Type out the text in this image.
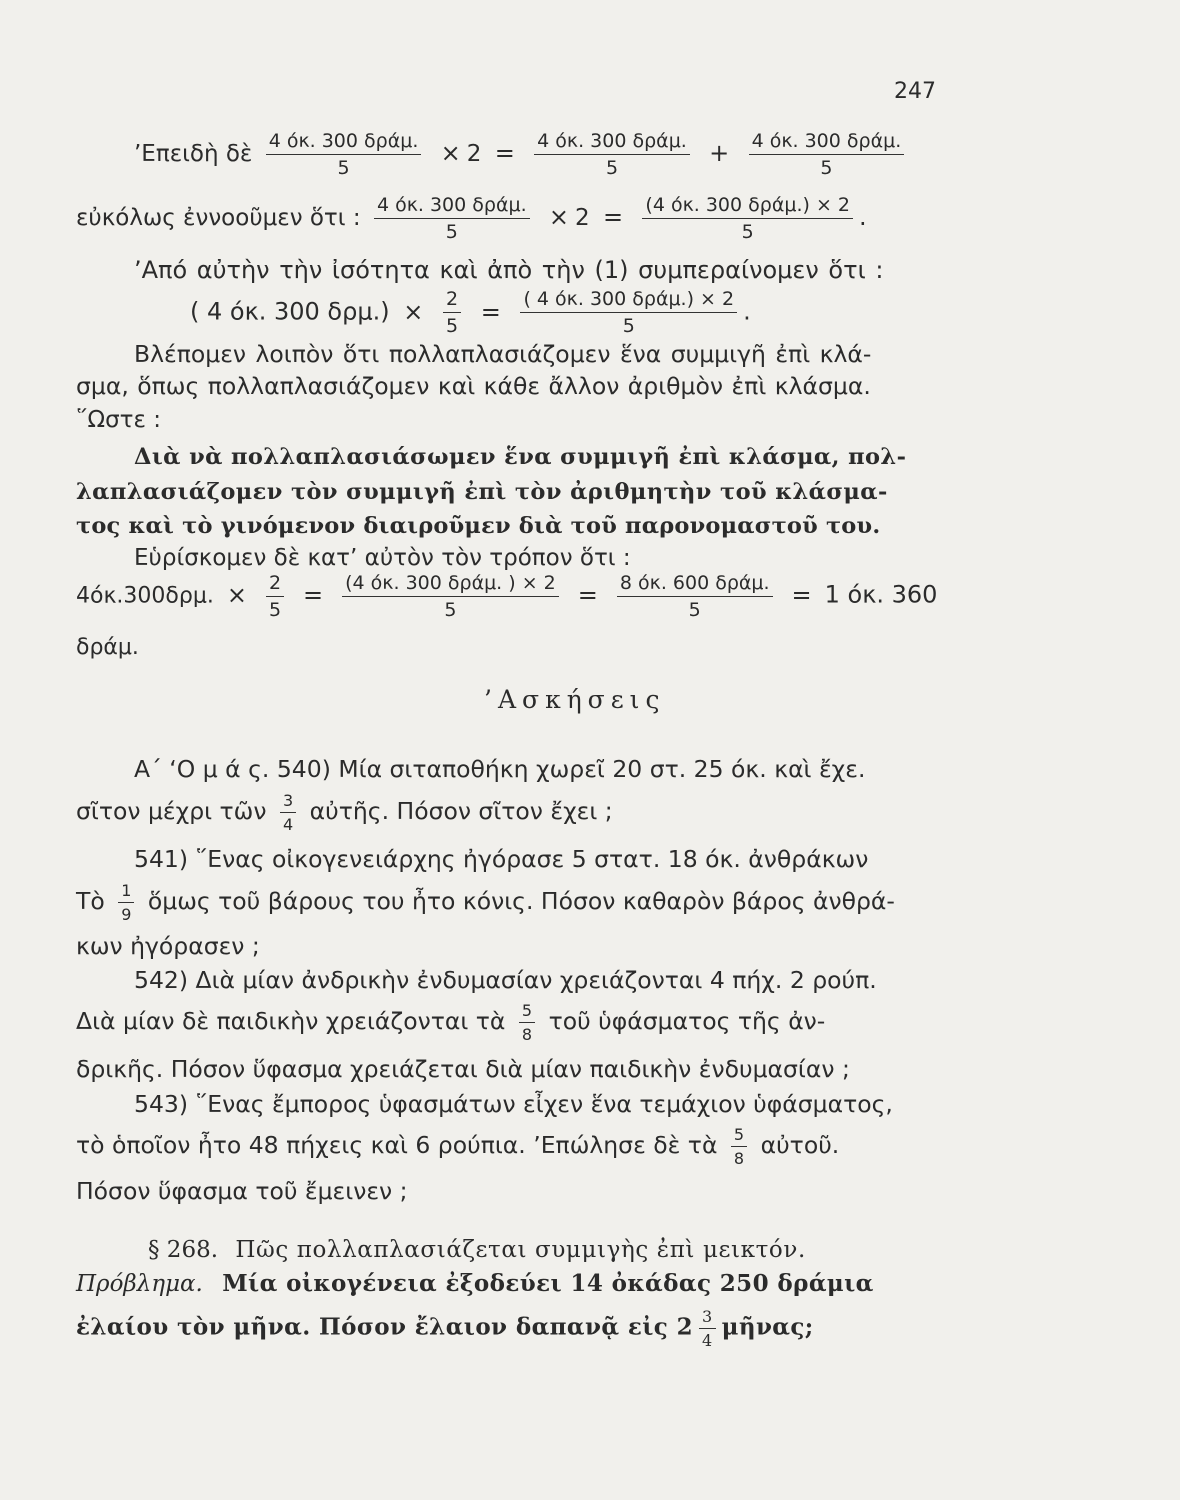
247
’Επειδὴ δὲ $\frac{\text{4 όκ. 300 δράμ.}}{5} \times 2 = \frac{\text{4 όκ. 300 δράμ.}}{5} + \frac{\text{4 όκ. 300 δράμ.}}{5}$
εὐκόλως ἐννοοῦμεν ὅτι : $\frac{\text{4 όκ. 300 δράμ.}}{5} \times 2 = \frac{\text{(4 όκ. 300 δράμ.) × 2}}{5}$ .
’Από αὐτὴν τὴν ἰσότητα καὶ ἀπὸ τὴν (1) συμπεραίνομεν ὅτι :
( 4 όκ. 300 $\delta\rho\mu.) \times \frac{2}{5} = \frac{\text{( 4 όκ. 300 δράμ.) × 2}}{5}$ .
Βλέπομεν λοιπὸν ὅτι πολλαπλασιάζομεν ἕνα συμμιγῆ ἐπὶ κλά-
σμα, ὅπως πολλαπλασιάζομεν καὶ κάθε ἄλλον ἀριθμὸν ἐπὶ κλάσμα.
῞Ωστε :
Διὰ νὰ πολλαπλασιάσωμεν ἕνα συμμιγῆ ἐπὶ κλάσμα, πολ-
λαπλασιάζομεν τὸν συμμιγῆ ἐπὶ τὸν ἀριθμητὴν τοῦ κλάσμα-
τος καὶ τὸ γινόμενον διαιροῦμεν διὰ τοῦ παρονομαστοῦ του.
Εὑρίσκομεν δὲ κατ’ αὐτὸν τὸν τρόπον ὅτι :
4όκ.300δρμ. × $\frac{2}{5} = \frac{\text{(4 όκ. 300 δράμ. ) × 2}}{5} = \frac{\text{8 όκ. 600 δράμ.}}{5} = 1$ όκ. 360
δράμ.
’Ασκήσεις
Α΄ ‘Ο μ ά ς. 540) Μία σιταποθήκη χωρεῖ 20 στ. 25 όκ. καὶ ἔχε.
σῖτον μέχρι τῶν $\frac{3}{4}$ αὐτῆς. Πόσον σῖτον ἔχει ;
541) ῞Ενας οἰκογενειάρχης ἠγόρασε 5 στατ. 18 όκ. ἀνθράκων
Τὸ $\frac{1}{9}$ ὅμως τοῦ βάρους του ἦτο κόνις. Πόσον καθαρὸν βάρος ἀνθρά-
κων ἠγόρασεν ;
542) Διὰ μίαν ἀνδρικὴν ἐνδυμασίαν χρειάζονται 4 πήχ. 2 ρούπ.
Διὰ μίαν δὲ παιδικὴν χρειάζονται τὰ $\frac{5}{8}$ τοῦ ὑφάσματος τῆς ἀν-
δρικῆς. Πόσον ὕφασμα χρειάζεται διὰ μίαν παιδικὴν ἐνδυμασίαν ;
543) ῞Ενας ἔμπορος ὑφασμάτων εἶχεν ἕνα τεμάχιον ὑφάσματος,
τὸ ὁποῖον ἦτο 48 πήχεις καὶ 6 ρούπια. ’Επώλησε δὲ τὰ $\frac{5}{8}$ αὐτοῦ.
Πόσον ὕφασμα τοῦ ἔμεινεν ;
§ 268. Πῶς πολλαπλασιάζεται συμμιγὴς ἐπὶ μεικτόν.
Πρόβλημα. Μία οἰκογένεια ἐξοδεύει 14 ὀκάδας 250 δράμια
ἐλαίου τὸν μῆνα. Πόσον ἔλαιον δαπανᾷ εἰς $2 \frac{3}{4}$ μῆνας;
